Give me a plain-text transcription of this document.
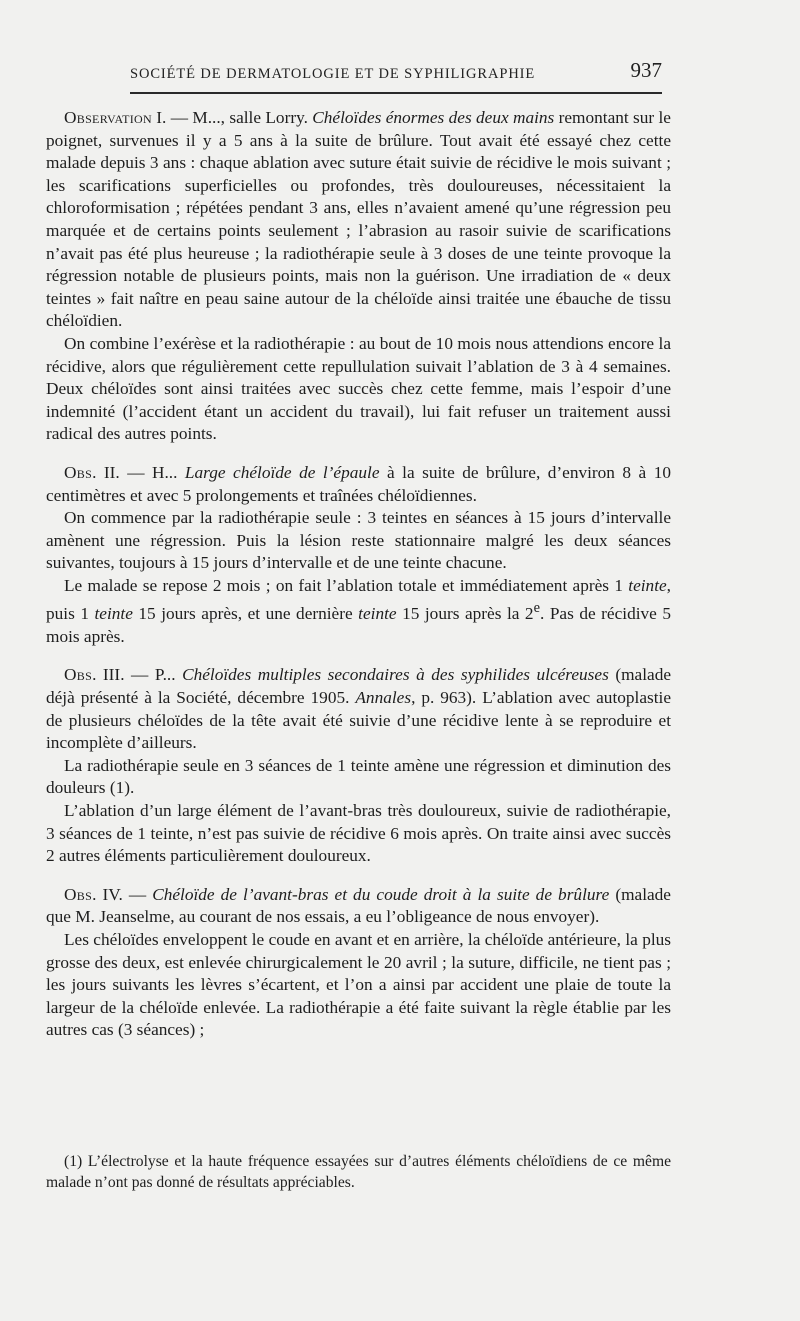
SOCIÉTÉ DE DERMATOLOGIE ET DE SYPHILIGRAPHIE	937

Observation I. — M..., salle Lorry. Chéloïdes énormes des deux mains remontant sur le poignet, survenues il y a 5 ans à la suite de brûlure. Tout avait été essayé chez cette malade depuis 3 ans : chaque ablation avec suture était suivie de récidive le mois suivant ; les scarifications superficielles ou profondes, très douloureuses, nécessitaient la chloroformisation ; répétées pendant 3 ans, elles n’avaient amené qu’une régression peu marquée et de certains points seulement ; l’abrasion au rasoir suivie de scarifications n’avait pas été plus heureuse ; la radiothérapie seule à 3 doses de une teinte provoque la régression notable de plusieurs points, mais non la guérison. Une irradiation de « deux teintes » fait naître en peau saine autour de la chéloïde ainsi traitée une ébauche de tissu chéloïdien.

On combine l’exérèse et la radiothérapie : au bout de 10 mois nous attendions encore la récidive, alors que régulièrement cette repullulation suivait l’ablation de 3 à 4 semaines. Deux chéloïdes sont ainsi traitées avec succès chez cette femme, mais l’espoir d’une indemnité (l’accident étant un accident du travail), lui fait refuser un traitement aussi radical des autres points.

Obs. II. — H... Large chéloïde de l’épaule à la suite de brûlure, d’environ 8 à 10 centimètres et avec 5 prolongements et traînées chéloïdiennes.

On commence par la radiothérapie seule : 3 teintes en séances à 15 jours d’intervalle amènent une régression. Puis la lésion reste stationnaire malgré les deux séances suivantes, toujours à 15 jours d’intervalle et de une teinte chacune.

Le malade se repose 2 mois ; on fait l’ablation totale et immédiatement après 1 teinte, puis 1 teinte 15 jours après, et une dernière teinte 15 jours après la 2e. Pas de récidive 5 mois après.

Obs. III. — P... Chéloïdes multiples secondaires à des syphilides ulcéreuses (malade déjà présenté à la Société, décembre 1905. Annales, p. 963). L’ablation avec autoplastie de plusieurs chéloïdes de la tête avait été suivie d’une récidive lente à se reproduire et incomplète d’ailleurs.

La radiothérapie seule en 3 séances de 1 teinte amène une régression et diminution des douleurs (1).

L’ablation d’un large élément de l’avant-bras très douloureux, suivie de radiothérapie, 3 séances de 1 teinte, n’est pas suivie de récidive 6 mois après. On traite ainsi avec succès 2 autres éléments particulièrement douloureux.

Obs. IV. — Chéloïde de l’avant-bras et du coude droit à la suite de brûlure (malade que M. Jeanselme, au courant de nos essais, a eu l’obligeance de nous envoyer).

Les chéloïdes enveloppent le coude en avant et en arrière, la chéloïde antérieure, la plus grosse des deux, est enlevée chirurgicalement le 20 avril ; la suture, difficile, ne tient pas ; les jours suivants les lèvres s’écartent, et l’on a ainsi par accident une plaie de toute la largeur de la chéloïde enlevée. La radiothérapie a été faite suivant la règle établie par les autres cas (3 séances) ;

(1) L’électrolyse et la haute fréquence essayées sur d’autres éléments chéloïdiens de ce même malade n’ont pas donné de résultats appréciables.
